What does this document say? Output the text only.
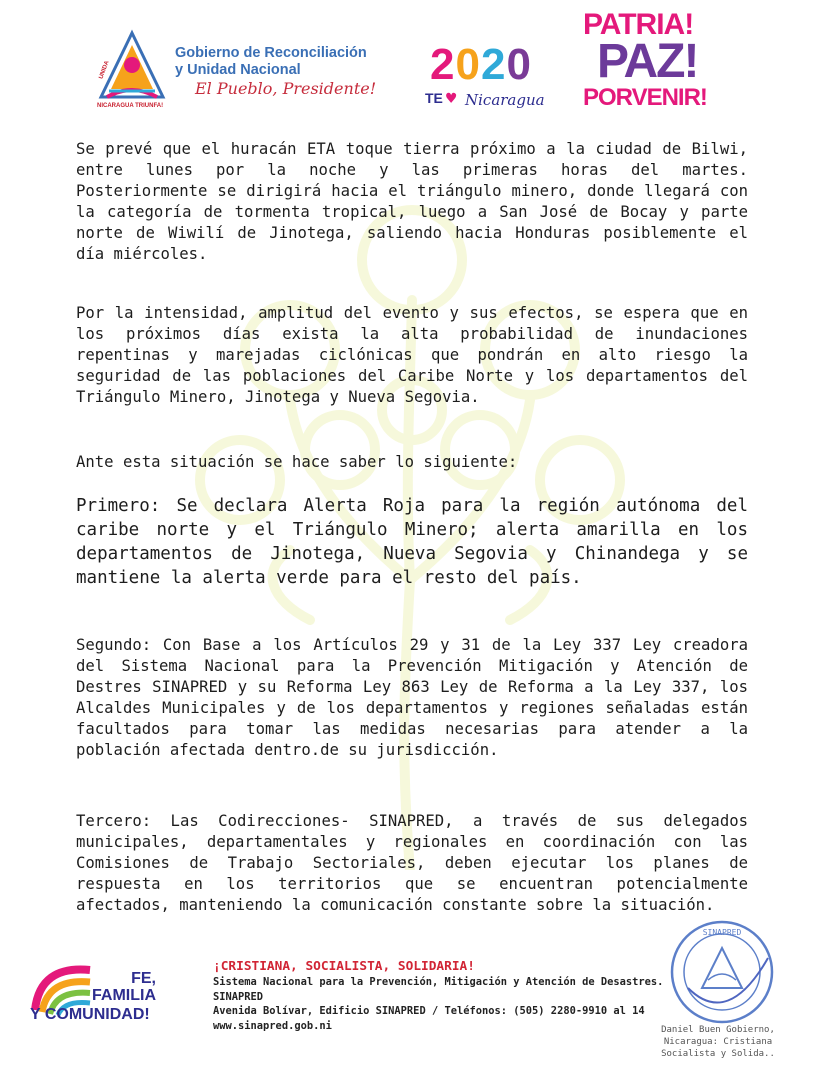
UNIDA
NICARAGUA TRIUNFA!
Gobierno de Reconciliación
y Unidad Nacional
El Pueblo, Presidente! 2020
TE ♥ Nicaragua
PATRIA!
PAZ!
PORVENIR!
Se prevé que el huracán ETA toque tierra próximo a la ciudad de Bilwi, entre lunes por la noche y las primeras horas del martes. Posteriormente se dirigirá hacia el triángulo minero, donde llegará con la categoría de tormenta tropical, luego a San José de Bocay y parte norte de Wiwilí de Jinotega, saliendo hacia Honduras posiblemente el día miércoles.
Por la intensidad, amplitud del evento y sus efectos, se espera que en los próximos días exista la alta probabilidad de inundaciones repentinas y marejadas ciclónicas que pondrán en alto riesgo la seguridad de las poblaciones del Caribe Norte y los departamentos del Triángulo Minero, Jinotega y Nueva Segovia.
Ante esta situación se hace saber lo siguiente:
Primero: Se declara Alerta Roja para la región autónoma del caribe norte y el Triángulo Minero; alerta amarilla en los departamentos de Jinotega, Nueva Segovia y Chinandega y se mantiene la alerta verde para el resto del país.
Segundo: Con Base a los Artículos 29 y 31 de la Ley 337 Ley creadora del Sistema Nacional para la Prevención Mitigación y Atención de Destres SINAPRED y su Reforma Ley 863 Ley de Reforma a la Ley 337, los Alcaldes Municipales y de los departamentos y regiones señaladas están facultados para tomar las medidas necesarias para atender a la población afectada dentro.de su jurisdicción.
Tercero: Las Codirecciones- SINAPRED, a través de sus delegados municipales, departamentales y regionales en coordinación con las Comisiones de Trabajo Sectoriales, deben ejecutar los planes de respuesta en los territorios que se encuentran potencialmente afectados, manteniendo la comunicación constante sobre la situación.
FE,
FAMILIA
Y COMUNIDAD!
¡CRISTIANA, SOCIALISTA, SOLIDARIA!
Sistema Nacional para la Prevención, Mitigación y Atención de Desastres.
SINAPRED
Avenida Bolívar, Edificio SINAPRED / Teléfonos: (505) 2280-9910 al 14
www.sinapred.gob.ni
SINAPRED
Daniel Buen Gobierno,
Nicaragua: Cristiana
Socialista y Solida..
